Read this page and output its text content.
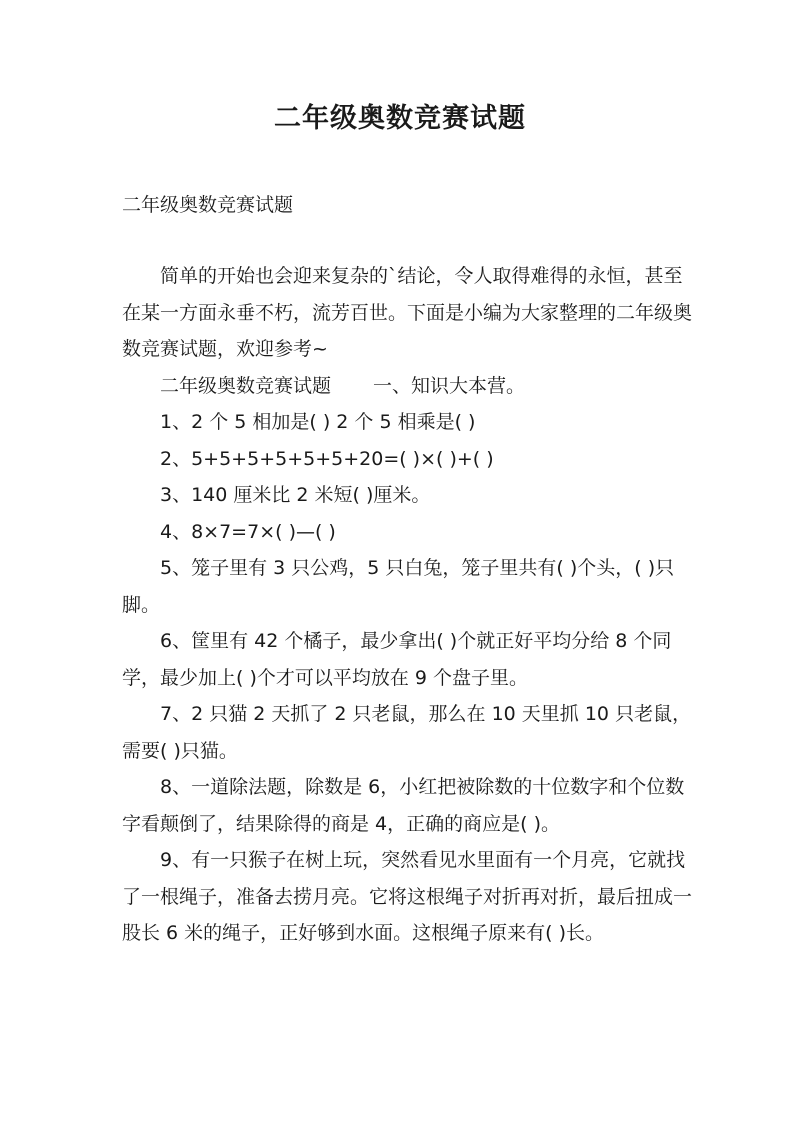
二年级奥数竞赛试题
二年级奥数竞赛试题

简单的开始也会迎来复杂的`结论，令人取得难得的永恒，甚至在某一方面永垂不朽，流芳百世。下面是小编为大家整理的二年级奥数竞赛试题，欢迎参考~

二年级奥数竞赛试题 一、知识大本营。

1、2 个 5 相加是( ) 2 个 5 相乘是( )

2、5+5+5+5+5+5+20=( )×( )+( )

3、140 厘米比 2 米短( )厘米。

4、8×7=7×( )—( )

5、笼子里有 3 只公鸡，5 只白兔，笼子里共有( )个头，( )只脚。

6、筐里有 42 个橘子，最少拿出( )个就正好平均分给 8 个同学，最少加上( )个才可以平均放在 9 个盘子里。

7、2 只猫 2 天抓了 2 只老鼠，那么在 10 天里抓 10 只老鼠，需要( )只猫。

8、一道除法题，除数是 6，小红把被除数的十位数字和个位数字看颠倒了，结果除得的商是 4，正确的商应是( )。

9、有一只猴子在树上玩，突然看见水里面有一个月亮，它就找了一根绳子，准备去捞月亮。它将这根绳子对折再对折，最后扭成一股长 6 米的绳子，正好够到水面。这根绳子原来有( )长。
